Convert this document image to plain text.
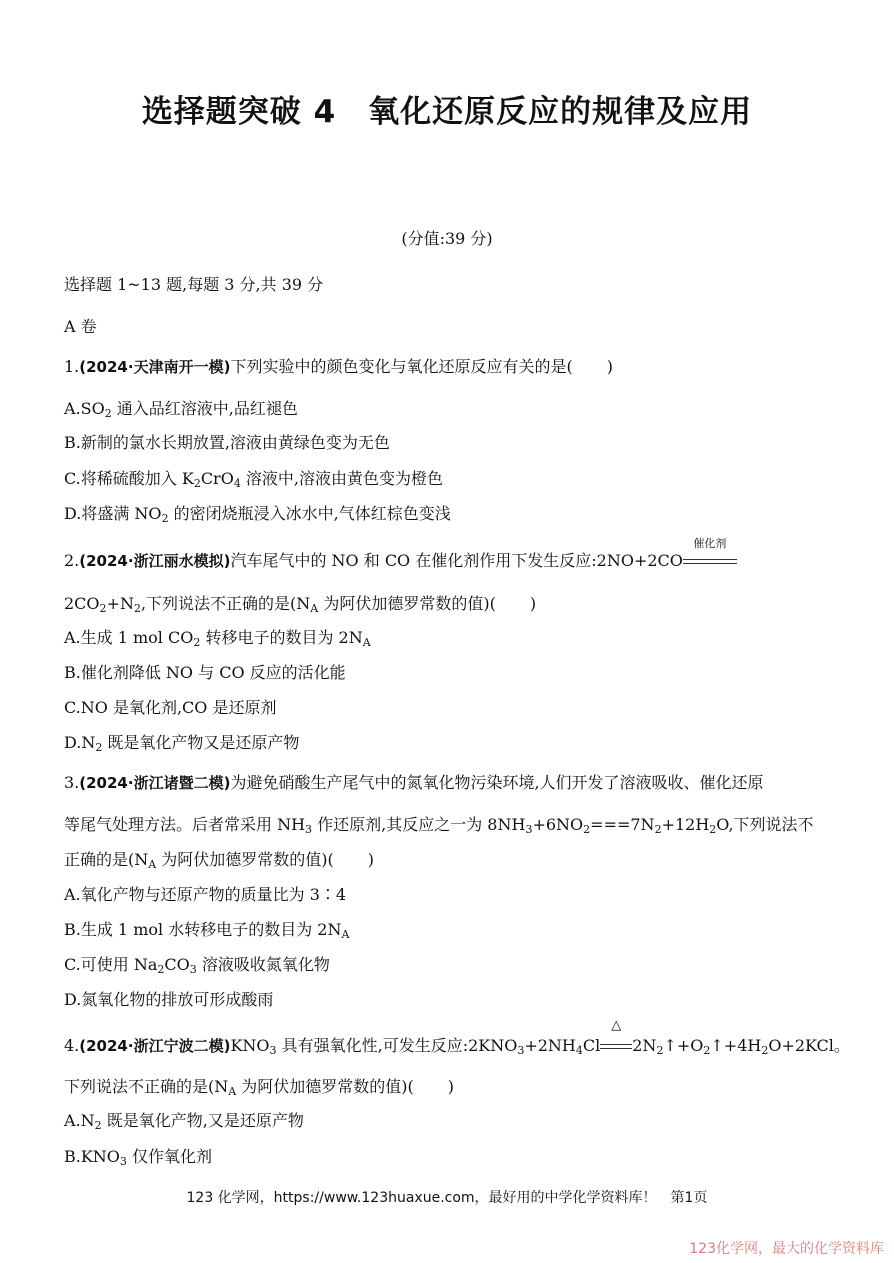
选择题突破 4　氧化还原反应的规律及应用
(分值:39 分)
选择题 1~13 题,每题 3 分,共 39 分
A 卷
1.(2024·天津南开一模)下列实验中的颜色变化与氧化还原反应有关的是( )
$A.SO_2$ 通入品红溶液中,品红褪色
B.新制的氯水长期放置,溶液由黄绿色变为无色
C.将稀硫酸加入 $K_2CrO_4$ 溶液中,溶液由黄色变为橙色
D.将盛满 $NO_2$ 的密闭烧瓶浸入冰水中,气体红棕色变浅
2.(2024·浙江丽水模拟)汽车尾气中的 NO 和 CO 在催化剂作用下发生反应:2NO+2CO
催化剂
$2CO_2+N_2$,下列说法不正确的是($N_A$ 为阿伏加德罗常数的值)( )
A.生成 1 mol $CO_2$ 转移电子的数目为 $2N_A$
B.催化剂降低 NO 与 CO 反应的活化能
C.NO 是氧化剂,CO 是还原剂
$D.N_2$ 既是氧化产物又是还原产物
3.(2024·浙江诸暨二模)为避免硝酸生产尾气中的氮氧化物污染环境,人们开发了溶液吸收、催化还原
等尾气处理方法。后者常采用 $NH_3$ 作还原剂,其反应之一为 $8NH_3+6NO_2===7N_2+12H_2O$,下列说法不
正确的是($N_A$ 为阿伏加德罗常数的值)( )
A.氧化产物与还原产物的质量比为 3∶4
B.生成 1 mol 水转移电子的数目为 $2N_A$
C.可使用 $Na_2CO_3$ 溶液吸收氮氧化物
D.氮氧化物的排放可形成酸雨
4.(2024·浙江宁波二模)$KNO_3$ 具有强氧化性,可发生反应$:2KNO_3+2NH_4Cl$
△
$2N_2↑+O_2↑+4H_2O+2KCl$。
下列说法不正确的是($N_A$ 为阿伏加德罗常数的值)( )
$A.N_2$ 既是氧化产物,又是还原产物
$B.KNO_3$ 仅作氧化剂
123 化学网，https://www.123huaxue.com，最好用的中学化学资料库！　第1页
123化学网，最大的化学资料库
